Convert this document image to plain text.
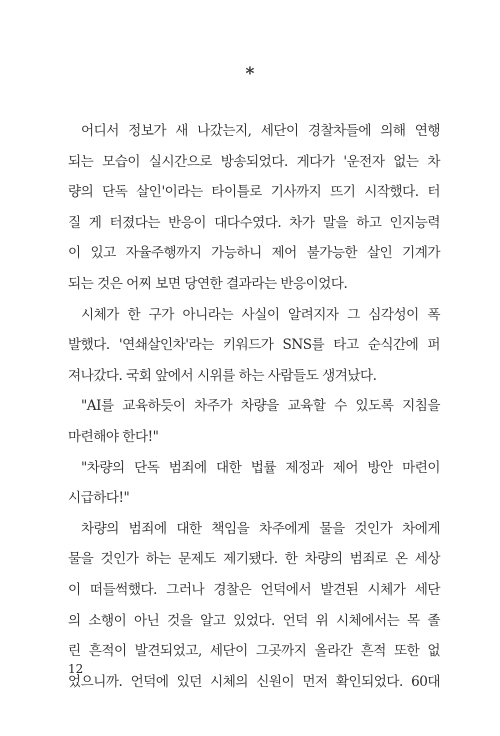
*
어디서 정보가 새 나갔는지, 세단이 경찰차들에 의해 연행
되는 모습이 실시간으로 방송되었다. 게다가 '운전자 없는 차
량의 단독 살인'이라는 타이틀로 기사까지 뜨기 시작했다. 터
질 게 터졌다는 반응이 대다수였다. 차가 말을 하고 인지능력
이 있고 자율주행까지 가능하니 제어 불가능한 살인 기계가
되는 것은 어찌 보면 당연한 결과라는 반응이었다.
시체가 한 구가 아니라는 사실이 알려지자 그 심각성이 폭
발했다. '연쇄살인차'라는 키워드가 SNS를 타고 순식간에 퍼
져나갔다. 국회 앞에서 시위를 하는 사람들도 생겨났다.
"AI를 교육하듯이 차주가 차량을 교육할 수 있도록 지침을
마련해야 한다!"
"차량의 단독 범죄에 대한 법률 제정과 제어 방안 마련이
시급하다!"
차량의 범죄에 대한 책임을 차주에게 물을 것인가 차에게
물을 것인가 하는 문제도 제기됐다. 한 차량의 범죄로 온 세상
이 떠들썩했다. 그러나 경찰은 언덕에서 발견된 시체가 세단
의 소행이 아닌 것을 알고 있었다. 언덕 위 시체에서는 목 졸
린 흔적이 발견되었고, 세단이 그곳까지 올라간 흔적 또한 없
었으니까. 언덕에 있던 시체의 신원이 먼저 확인되었다. 60대
12
